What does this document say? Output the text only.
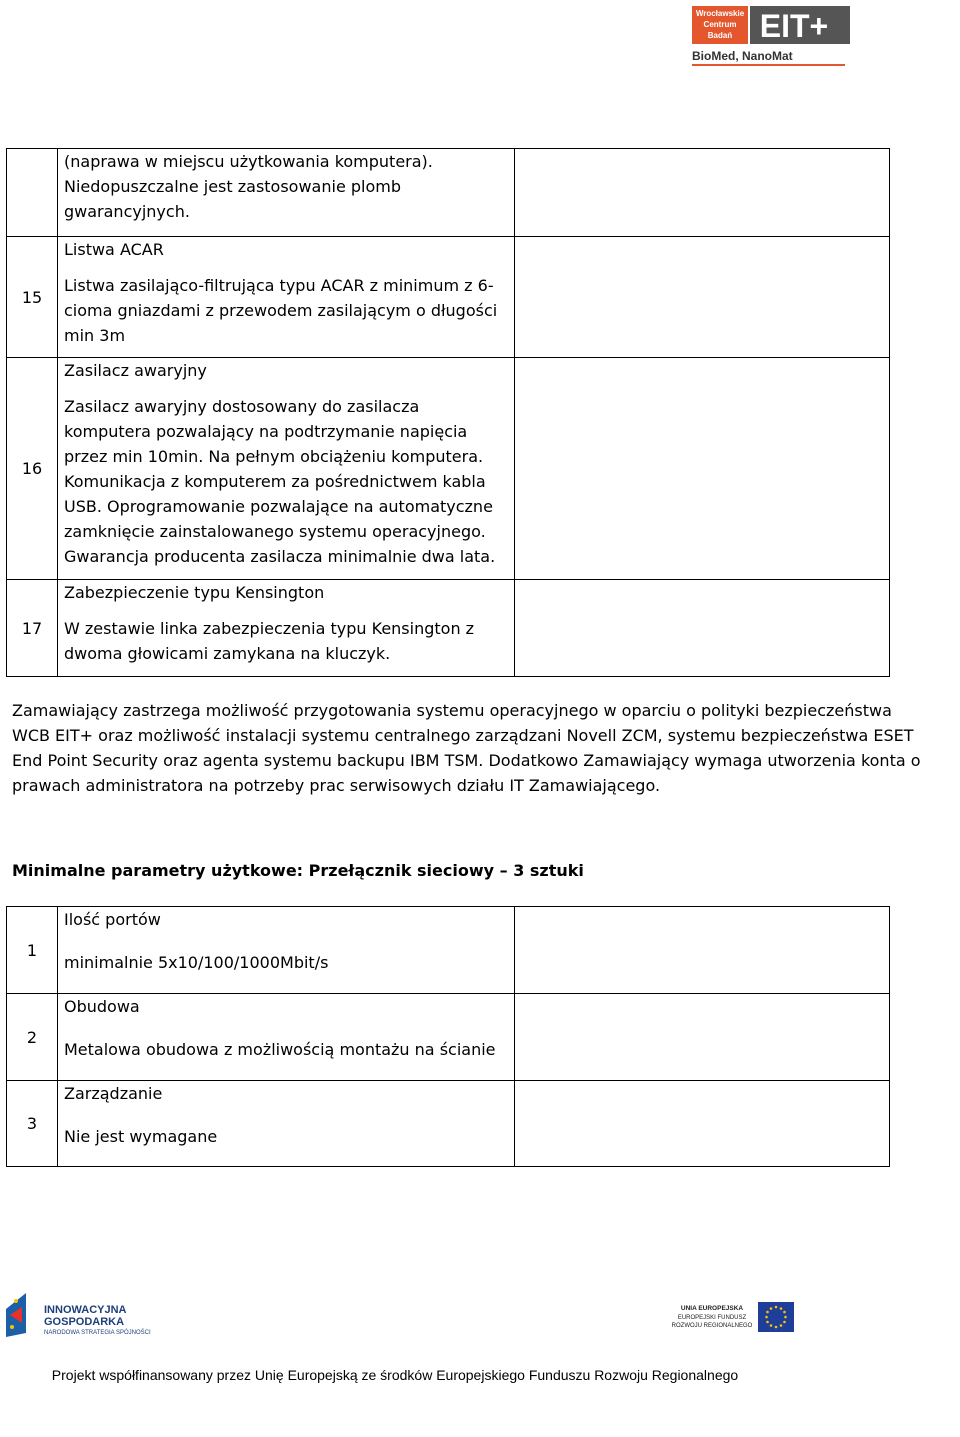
Wrocławskie
Centrum
Badań EIT+
BioMed, NanoMat

	(naprawa w miejscu użytkowania komputera). Niedopuszczalne jest zastosowanie plomb gwarancyjnych.	

15	Listwa ACAR
Listwa zasilająco-filtrująca typu ACAR z minimum z 6-cioma gniazdami z przewodem zasilającym o długości min 3m	

16	Zasilacz awaryjny
Zasilacz awaryjny dostosowany do zasilacza komputera pozwalający na podtrzymanie napięcia przez min 10min. Na pełnym obciążeniu komputera. Komunikacja z komputerem za pośrednictwem kabla USB. Oprogramowanie pozwalające na automatyczne zamknięcie zainstalowanego systemu operacyjnego. Gwarancja producenta zasilacza minimalnie dwa lata.	

17	Zabezpieczenie typu Kensington
W zestawie linka zabezpieczenia typu Kensington z dwoma głowicami zamykana na kluczyk.	

Zamawiający zastrzega możliwość przygotowania systemu operacyjnego w oparciu o polityki bezpieczeństwa WCB EIT+ oraz możliwość instalacji systemu centralnego zarządzani Novell ZCM, systemu bezpieczeństwa ESET End Point Security oraz agenta systemu backupu IBM TSM. Dodatkowo Zamawiający wymaga utworzenia konta o prawach administratora na potrzeby prac serwisowych działu IT Zamawiającego.
Minimalne parametry użytkowe: Przełącznik sieciowy – 3 sztuki
1	Ilość portów
minimalnie 5x10/100/1000Mbit/s	

2	Obudowa
Metalowa obudowa z możliwością montażu na ścianie	

3	Zarządzanie
Nie jest wymagane	

INNOWACYJNA
GOSPODARKA
NARODOWA STRATEGIA SPÓJNOŚCI
UNIA EUROPEJSKA
EUROPEJSKI FUNDUSZ
ROZWOJU REGIONALNEGO
Projekt współfinansowany przez Unię Europejską ze środków Europejskiego Funduszu Rozwoju Regionalnego
